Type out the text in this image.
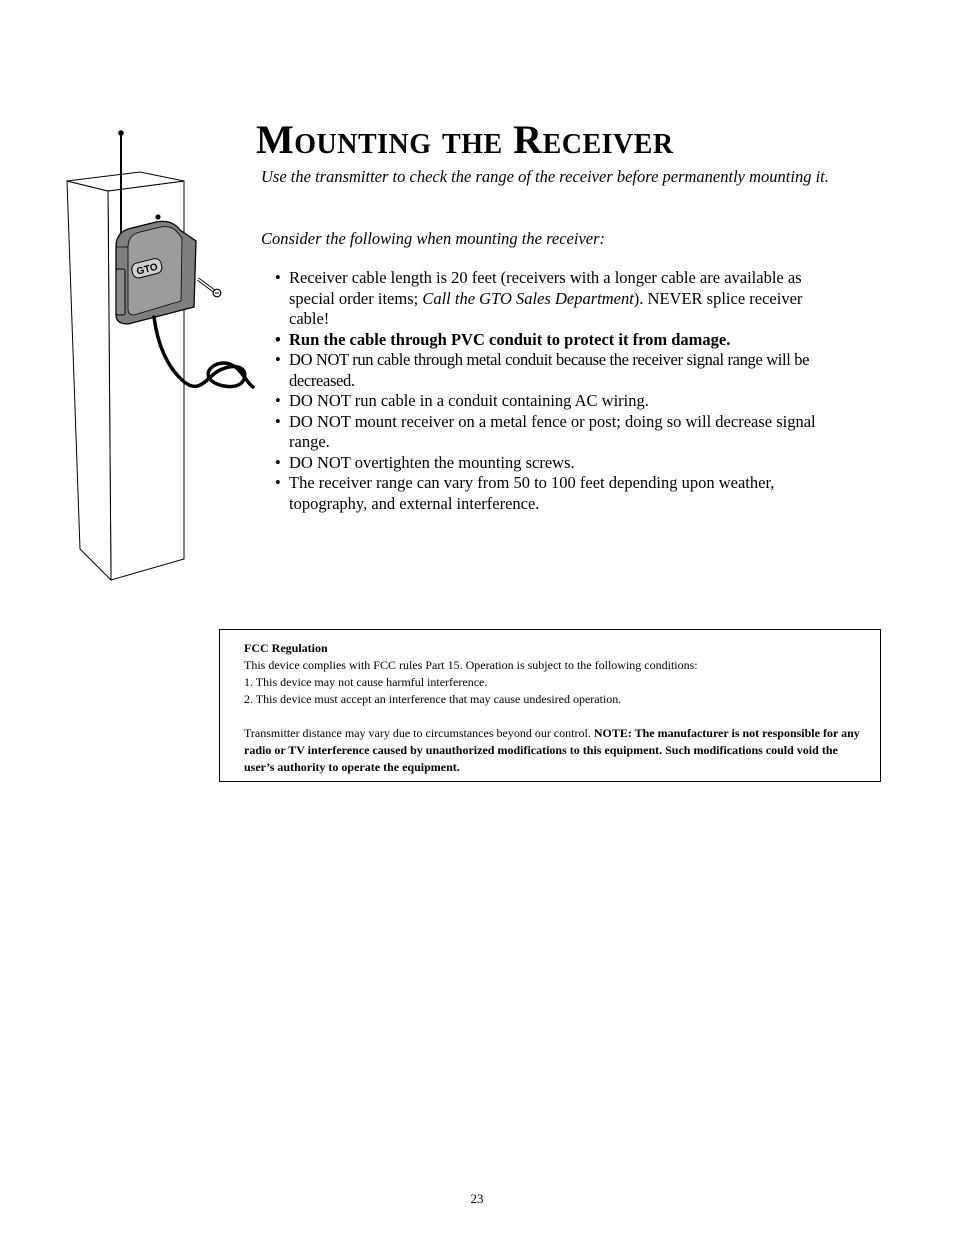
GTO
Mounting the Receiver

Use the transmitter to check the range of the receiver before permanently mounting it.

Consider the following when mounting the receiver:

• Receiver cable length is 20 feet (receivers with a longer cable are available as special order items; Call the GTO Sales Department). NEVER splice receiver cable!
• Run the cable through PVC conduit to protect it from damage.
• DO NOT run cable through metal conduit because the receiver signal range will be decreased.
• DO NOT run cable in a conduit containing AC wiring.
• DO NOT mount receiver on a metal fence or post; doing so will decrease signal range.
• DO NOT overtighten the mounting screws.
• The receiver range can vary from 50 to 100 feet depending upon weather, topography, and external interference.

FCC Regulation

This device complies with FCC rules Part 15. Operation is subject to the following conditions:

1. This device may not cause harmful interference.

2. This device must accept an interference that may cause undesired operation.

Transmitter distance may vary due to circumstances beyond our control. NOTE: The manufacturer is not responsible for any radio or TV interference caused by unauthorized modifications to this equipment. Such modifications could void the user’s authority to operate the equipment.

23
